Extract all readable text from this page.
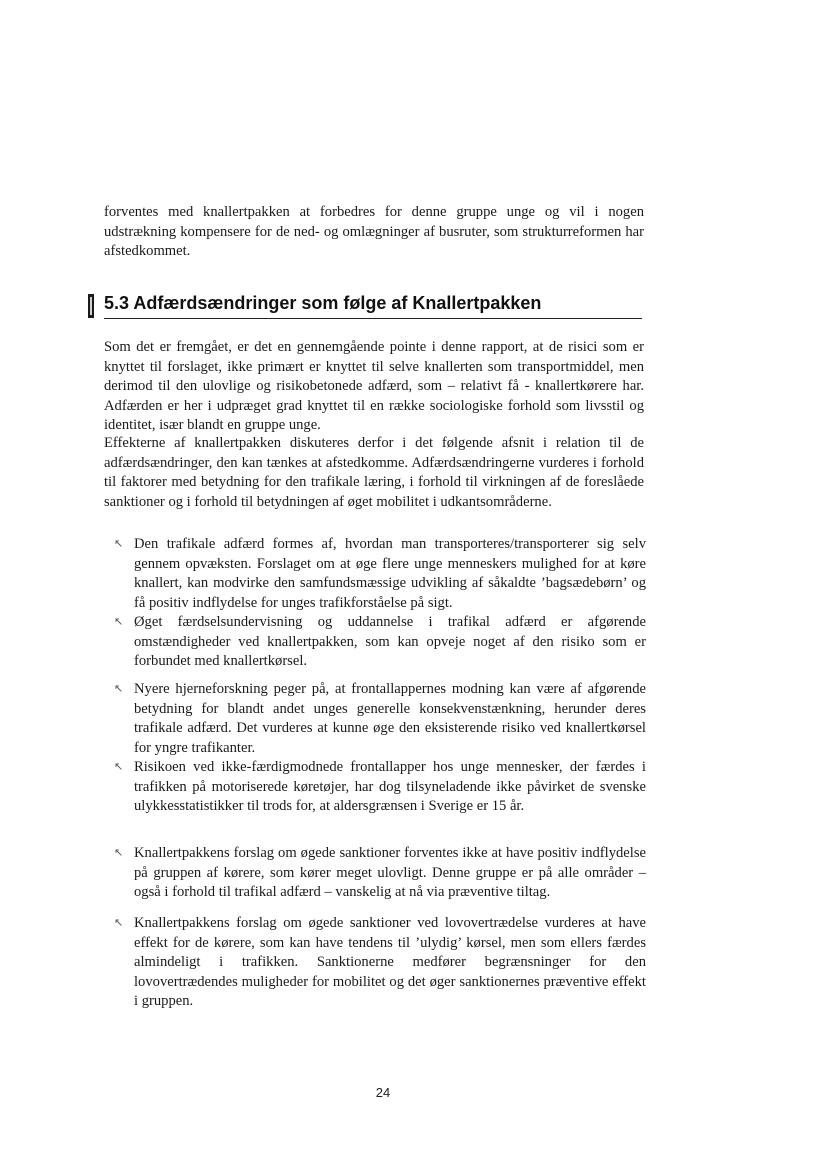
forventes med knallertpakken at forbedres for denne gruppe unge og vil i nogen udstrækning kompensere for de ned- og omlægninger af busruter, som strukturreformen har afstedkommet.

5.3 Adfærdsændringer som følge af Knallertpakken

Som det er fremgået, er det en gennemgående pointe i denne rapport, at de risici som er knyttet til forslaget, ikke primært er knyttet til selve knallerten som transportmiddel, men derimod til den ulovlige og risikobetonede adfærd, som – relativt få - knallertkørere har. Adfærden er her i udpræget grad knyttet til en række sociologiske forhold som livsstil og identitet, især blandt en gruppe unge.

Effekterne af knallertpakken diskuteres derfor i det følgende afsnit i relation til de adfærdsændringer, den kan tænkes at afstedkomme. Adfærdsændringerne vurderes i forhold til faktorer med betydning for den trafikale læring, i forhold til virkningen af de foreslåede sanktioner og i forhold til betydningen af øget mobilitet i udkantsområderne.

↖ Den trafikale adfærd formes af, hvordan man transporteres/transporterer sig selv gennem opvæksten. Forslaget om at øge flere unge menneskers mulighed for at køre knallert, kan modvirke den samfundsmæssige udvikling af såkaldte ’bagsædebørn’ og få positiv indflydelse for unges trafikforståelse på sigt.
↖ Øget færdselsundervisning og uddannelse i trafikal adfærd er afgørende omstændigheder ved knallertpakken, som kan opveje noget af den risiko som er forbundet med knallertkørsel.
↖ Nyere hjerneforskning peger på, at frontallappernes modning kan være af afgørende betydning for blandt andet unges generelle konsekvenstænkning, herunder deres trafikale adfærd. Det vurderes at kunne øge den eksisterende risiko ved knallertkørsel for yngre trafikanter.
↖ Risikoen ved ikke-færdigmodnede frontallapper hos unge mennesker, der færdes i trafikken på motoriserede køretøjer, har dog tilsyneladende ikke påvirket de svenske ulykkesstatistikker til trods for, at aldersgrænsen i Sverige er 15 år.
↖ Knallertpakkens forslag om øgede sanktioner forventes ikke at have positiv indflydelse på gruppen af kørere, som kører meget ulovligt. Denne gruppe er på alle områder – også i forhold til trafikal adfærd – vanskelig at nå via præventive tiltag.
↖ Knallertpakkens forslag om øgede sanktioner ved lovovertrædelse vurderes at have effekt for de kørere, som kan have tendens til ’ulydig’ kørsel, men som ellers færdes almindeligt i trafikken. Sanktionerne medfører begrænsninger for den lovovertrædendes muligheder for mobilitet og det øger sanktionernes præventive effekt i gruppen.
24
